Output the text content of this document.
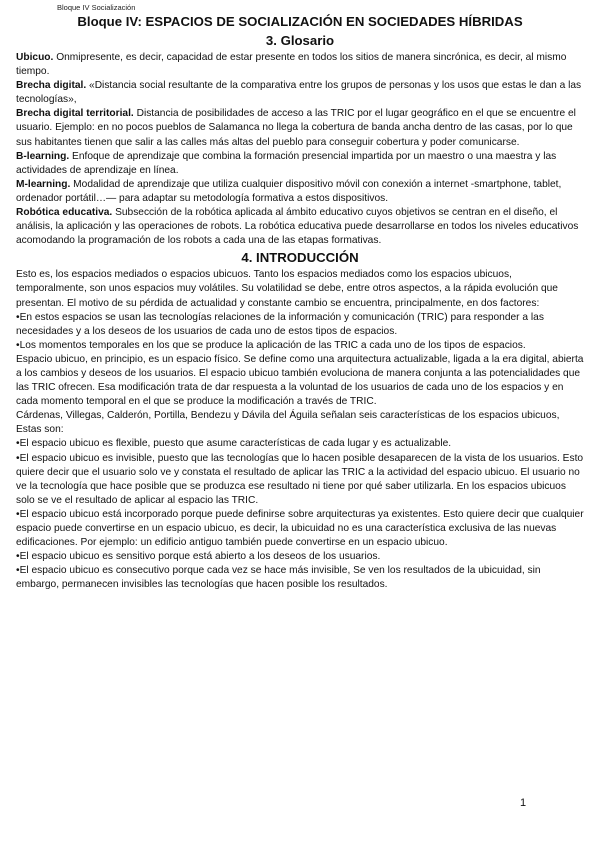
Bloque IV Socialización
Bloque IV: ESPACIOS DE SOCIALIZACIÓN EN SOCIEDADES HÍBRIDAS
3. Glosario

Ubicuo. Onmipresente, es decir, capacidad de estar presente en todos los sitios de manera sincrónica, es decir, al mismo tiempo.

Brecha digital. «Distancia social resultante de la comparativa entre los grupos de personas y los usos que estas le dan a las tecnologías»,

Brecha digital territorial. Distancia de posibilidades de acceso a las TRIC por el lugar geográfico en el que se encuentre el usuario. Ejemplo: en no pocos pueblos de Salamanca no llega la cobertura de banda ancha dentro de las casas, por lo que sus habitantes tienen que salir a las calles más altas del pueblo para conseguir cobertura y poder comunicarse.

B-learning. Enfoque de aprendizaje que combina la formación presencial impartida por un maestro o una maestra y las actividades de aprendizaje en línea.

M-learning. Modalidad de aprendizaje que utiliza cualquier dispositivo móvil con conexión a internet -smartphone, tablet, ordenador portátil…— para adaptar su metodología formativa a estos dispositivos.

Robótica educativa. Subsección de la robótica aplicada al ámbito educativo cuyos objetivos se centran en el diseño, el análisis, la aplicación y las operaciones de robots. La robótica educativa puede desarrollarse en todos los niveles educativos acomodando la programación de los robots a cada una de las etapas formativas.

4. INTRODUCCIÓN

Esto es, los espacios mediados o espacios ubicuos. Tanto los espacios mediados como los espacios ubicuos, temporalmente, son unos espacios muy volátiles. Su volatilidad se debe, entre otros aspectos, a la rápida evolución que presentan. El motivo de su pérdida de actualidad y constante cambio se encuentra, principalmente, en dos factores:

•En estos espacios se usan las tecnologías relaciones de la información y comunicación (TRIC) para responder a las necesidades y a los deseos de los usuarios de cada uno de estos tipos de espacios.

•Los momentos temporales en los que se produce la aplicación de las TRIC a cada uno de los tipos de espacios.

Espacio ubicuo, en principio, es un espacio físico. Se define como una arquitectura actualizable, ligada a la era digital, abierta a los cambios y deseos de los usuarios. El espacio ubicuo también evoluciona de manera conjunta a las potencialidades que las TRIC ofrecen. Esa modificación trata de dar respuesta a la voluntad de los usuarios de cada uno de los espacios y en cada momento temporal en el que se produce la modificación a través de TRIC.

Cárdenas, Villegas, Calderón, Portilla, Bendezu y Dávila del Águila señalan seis características de los espacios ubicuos, Estas son:

•El espacio ubicuo es flexible, puesto que asume características de cada lugar y es actualizable.

•El espacio ubicuo es invisible, puesto que las tecnologías que lo hacen posible desaparecen de la vista de los usuarios. Esto quiere decir que el usuario solo ve y constata el resultado de aplicar las TRIC a la actividad del espacio ubicuo. El usuario no ve la tecnología que hace posible que se produzca ese resultado ni tiene por qué saber utilizarla. En los espacios ubicuos solo se ve el resultado de aplicar al espacio las TRIC.

•El espacio ubicuo está incorporado porque puede definirse sobre arquitecturas ya existentes. Esto quiere decir que cualquier espacio puede convertirse en un espacio ubicuo, es decir, la ubicuidad no es una característica exclusiva de las nuevas edificaciones. Por ejemplo: un edificio antiguo también puede convertirse en un espacio ubicuo.

•El espacio ubicuo es sensitivo porque está abierto a los deseos de los usuarios.

•El espacio ubicuo es consecutivo porque cada vez se hace más invisible, Se ven los resultados de la ubicuidad, sin embargo, permanecen invisibles las tecnologías que hacen posible los resultados.

1
